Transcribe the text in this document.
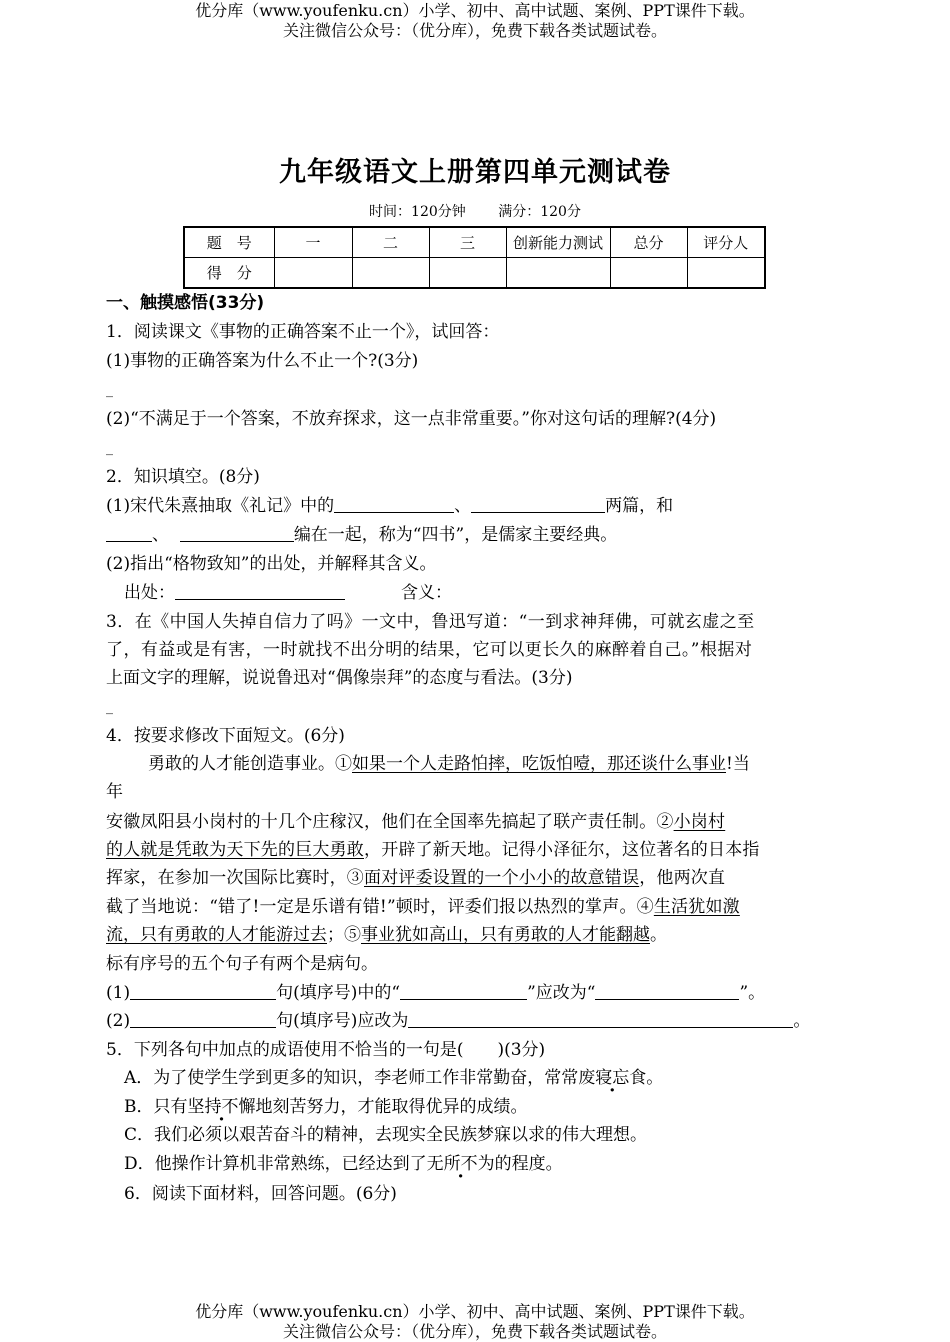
优分库（www.youfenku.cn）小学、初中、高中试题、案例、PPT课件下载。
关注微信公众号：（优分库），免费下载各类试题试卷。
九年级语文上册第四单元测试卷
时间：120分钟 满分：120分
题　号	一	二	三	创新能力测试	总分	评分人
得　分						
一、触摸感悟(33分)
1．阅读课文《事物的正确答案不止一个》，试回答：
(1)事物的正确答案为什么不止一个?(3分)
_
(2)“不满足于一个答案，不放弃探求，这一点非常重要。”你对这句话的理解?(4分)
_
2．知识填空。(8分)
(1)宋代朱熹抽取《礼记》中的	、	两篇，和
、	编在一起，称为“四书”，是儒家主要经典。
(2)指出“格物致知”的出处，并解释其含义。
出处：	含义：
3．在《中国人失掉自信力了吗》一文中，鲁迅写道：“一到求神拜佛，可就玄虚之至
了，有益或是有害，一时就找不出分明的结果，它可以更长久的麻醉着自己。”根据对
上面文字的理解，说说鲁迅对“偶像崇拜”的态度与看法。(3分)
_
4．按要求修改下面短文。(6分)
勇敢的人才能创造事业。①如果一个人走路怕摔，吃饭怕噎，那还谈什么事业!当
年
安徽凤阳县小岗村的十几个庄稼汉，他们在全国率先搞起了联产责任制。②小岗村
的人就是凭敢为天下先的巨大勇敢，开辟了新天地。记得小泽征尔，这位著名的日本指
挥家，在参加一次国际比赛时，③面对评委设置的一个小小的故意错误，他两次直
截了当地说：“错了!一定是乐谱有错!”顿时，评委们报以热烈的掌声。④生活犹如激
流，只有勇敢的人才能游过去；⑤事业犹如高山，只有勇敢的人才能翻越。
标有序号的五个句子有两个是病句。
(1)	句(填序号)中的“	”应改为“	”。
(2)	句(填序号)应改为	。
5．下列各句中加点的成语使用不恰当的一句是(　　)(3分)
A．为了使学生学到更多的知识，李老师工作非常勤奋，常常废寝忘食。
B．只有坚持不懈地刻苦努力，才能取得优异的成绩。
C．我们必须以艰苦奋斗的精神，去现实全民族梦寐以求的伟大理想。
D．他操作计算机非常熟练，已经达到了无所不为的程度。
6．阅读下面材料，回答问题。(6分)
优分库（www.youfenku.cn）小学、初中、高中试题、案例、PPT课件下载。
关注微信公众号：（优分库），免费下载各类试题试卷。
